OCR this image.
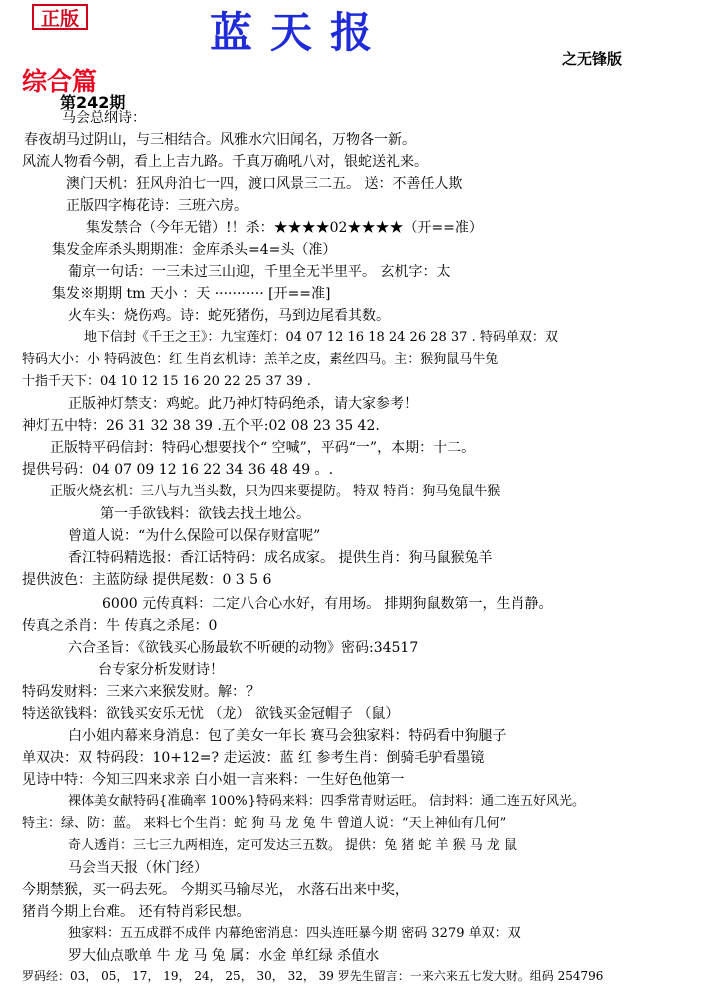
正版	蓝天报
之无锋版
综合篇
第242期
马会总纲诗：
春夜胡马过阴山，与三相结合。风雅水穴旧闻名，万物各一新。
风流人物看今朝，看上上吉九路。千真万确吼八对，银蛇送礼来。
澳门天机：狂风舟泊七一四，渡口风景三二五。 送：不善任人欺
正版四字梅花诗：三班六房。
集发禁合（今年无错）!！杀：★★★★02★★★★（开==准）
集发金库杀头期期准：金库杀头=4=头（准）
葡京一句话：一三未过三山迎，千里全无半里平。 玄机字：太
集发※期期 tm 天小 ：天 ··········· [开==准]
火车头：烧伤鸡。诗：蛇死猪伤，马到边尾看其数。
地下信封《千王之王》：九宝莲灯：04 07 12 16 18 24 26 28 37 . 特码单双：双
特码大小：小 特码波色：红 生肖玄机诗：羔羊之皮，素丝四马。主：猴狗鼠马牛兔
十指千天下：04 10 12 15 16 20 22 25 37 39 .
正版神灯禁支：鸡蛇。此乃神灯特码绝杀，请大家参考！
神灯五中特：26 31 32 38 39 .五个平:02 08 23 35 42.
正版特平码信封：特码心想要找个“ 空喊”，平码“一”，本期：十二。
提供号码：04 07 09 12 16 22 34 36 48 49 。.
正版火烧玄机：三八与九当头数，只为四来要提防。 特双 特肖：狗马兔鼠牛猴
第一手欲钱料：欲钱去找土地公。
曾道人说：“为什么保险可以保存财富呢”
香江特码精选报：香江话特码：成名成家。 提供生肖：狗马鼠猴兔羊
提供波色：主蓝防绿 提供尾数：0 3 5 6
6000 元传真料：二定八合心水好，有用场。 排期狗鼠数第一，生肖静。
传真之杀肖：牛 传真之杀尾：0
六合圣旨：《欲钱买心肠最软不听硬的动物》密码:34517
台专家分析发财诗！
特码发财料：三来六来猴发财。解：？
特送欲钱料：欲钱买安乐无忧 （龙） 欲钱买金冠帽子 （鼠）
白小姐内幕来身消息：包了美女一年长 赛马会独家料：特码看中狗腿子
单双决：双 特码段：10+12=? 走运波：蓝 红 参考生肖：倒骑毛驴看墨镜
见诗中特：今知三四来求亲 白小姐一言来料：一生好色他第一
裸体美女献特码{准确率 100%}特码来料：四季常青财运旺。 信封料：通二连五好风光。
特主：绿、防：蓝。 来料七个生肖：蛇 狗 马 龙 兔 牛 曾道人说：“天上神仙有几何”
奇人透肖：三七三九两相连，定可发达三五数。 提供：兔 猪 蛇 羊 猴 马 龙 鼠
马会当天报（休门经）
今期禁猴，买一码去死。 今期买马输尽光， 水落石出来中奖，
猪肖今期上台难。 还有特肖彩民想。
独家料：五五成群不成伴 内幕绝密消息：四头连旺暴今期 密码 3279 单双：双
罗大仙点歌单 牛 龙 马 兔 属：水金 单红绿 杀值水
罗码经：03， 05， 17， 19， 24， 25， 30， 32， 39 罗先生留言：一来六来五七发大财。组码 254796
